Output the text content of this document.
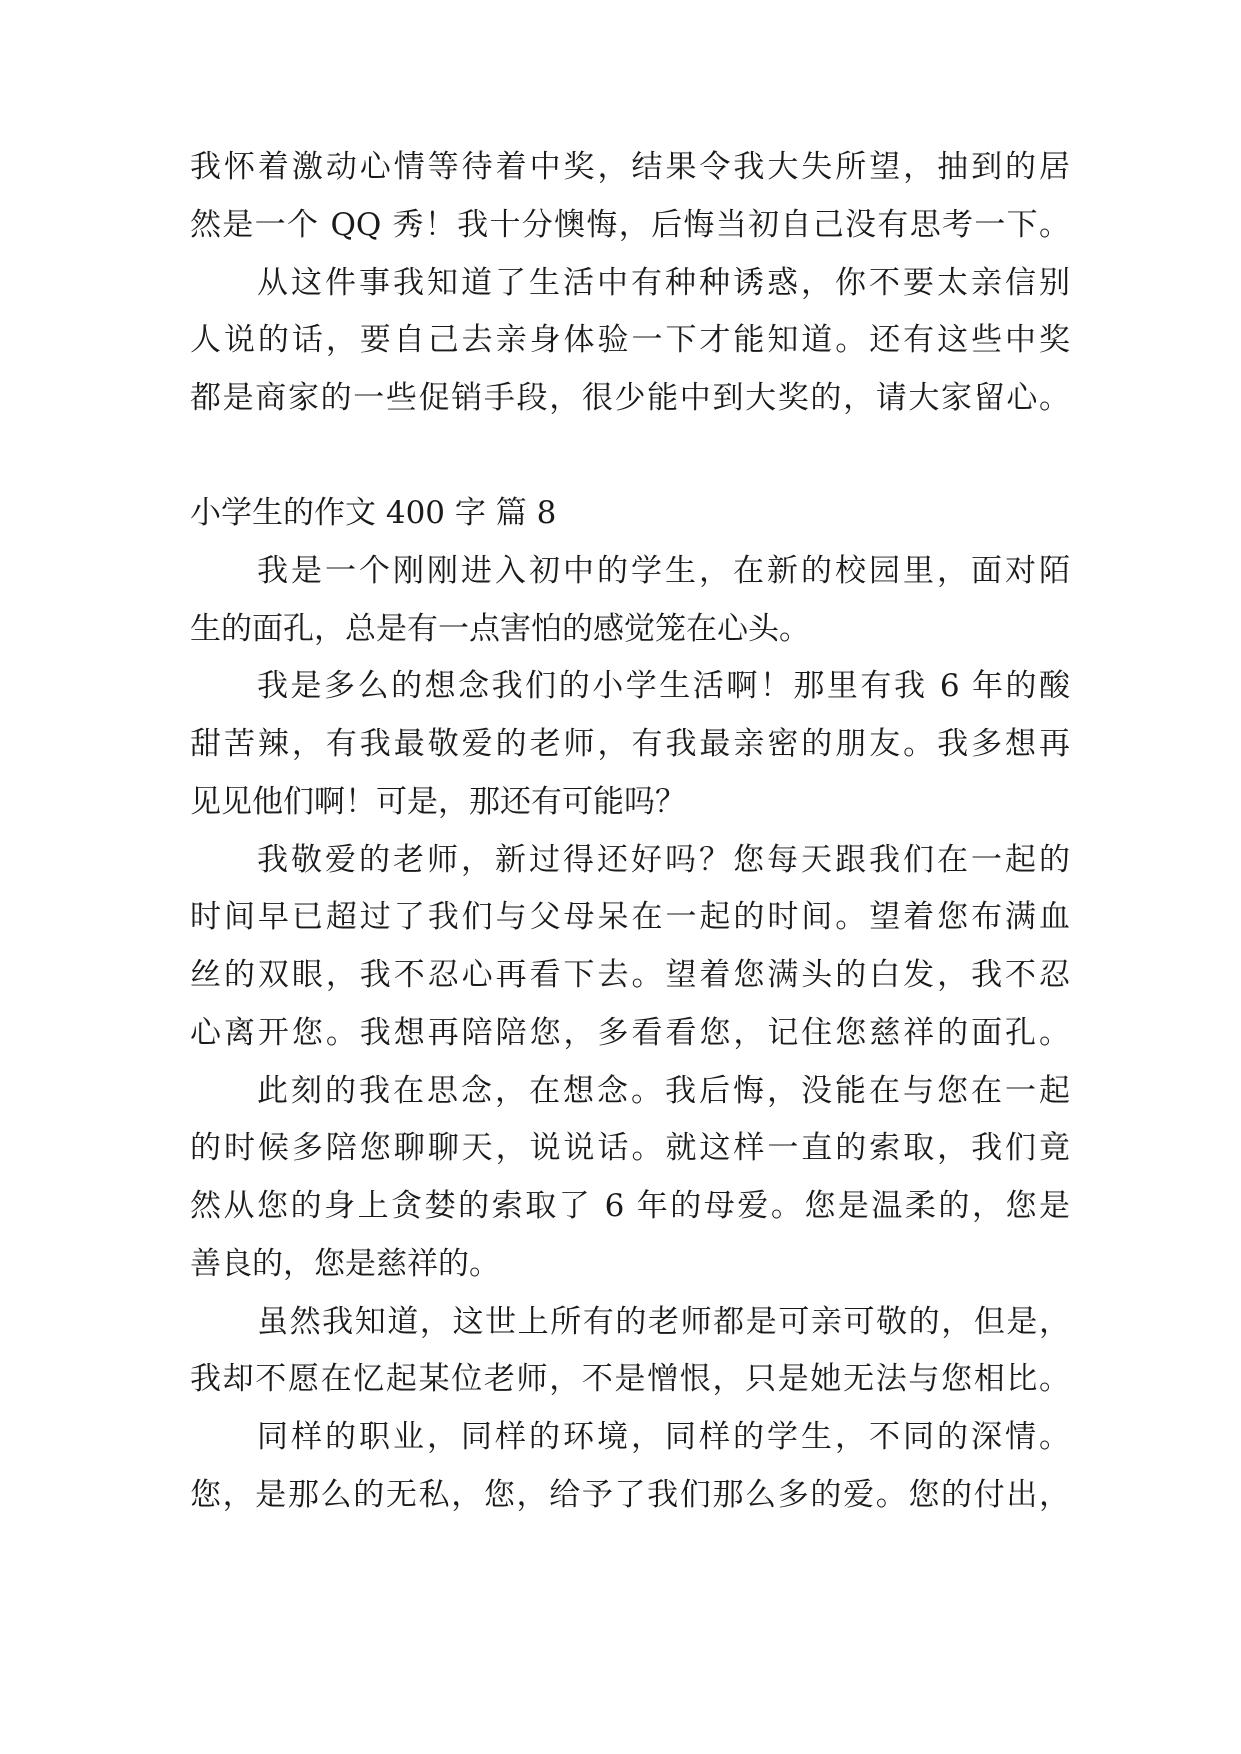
我怀着激动心情等待着中奖，结果令我大失所望，抽到的居
然是一个 QQ 秀！我十分懊悔，后悔当初自己没有思考一下。
从这件事我知道了生活中有种种诱惑，你不要太亲信别
人说的话，要自己去亲身体验一下才能知道。还有这些中奖
都是商家的一些促销手段，很少能中到大奖的，请大家留心。
小学生的作文 400 字 篇 8
我是一个刚刚进入初中的学生，在新的校园里，面对陌
生的面孔，总是有一点害怕的感觉笼在心头。
我是多么的想念我们的小学生活啊！那里有我 6 年的酸
甜苦辣，有我最敬爱的老师，有我最亲密的朋友。我多想再
见见他们啊！可是，那还有可能吗？
我敬爱的老师，新过得还好吗？您每天跟我们在一起的
时间早已超过了我们与父母呆在一起的时间。望着您布满血
丝的双眼，我不忍心再看下去。望着您满头的白发，我不忍
心离开您。我想再陪陪您，多看看您，记住您慈祥的面孔。
此刻的我在思念，在想念。我后悔，没能在与您在一起
的时候多陪您聊聊天，说说话。就这样一直的索取，我们竟
然从您的身上贪婪的索取了 6 年的母爱。您是温柔的，您是
善良的，您是慈祥的。
虽然我知道，这世上所有的老师都是可亲可敬的，但是，
我却不愿在忆起某位老师，不是憎恨，只是她无法与您相比。
同样的职业，同样的环境，同样的学生，不同的深情。
您，是那么的无私，您，给予了我们那么多的爱。您的付出，
